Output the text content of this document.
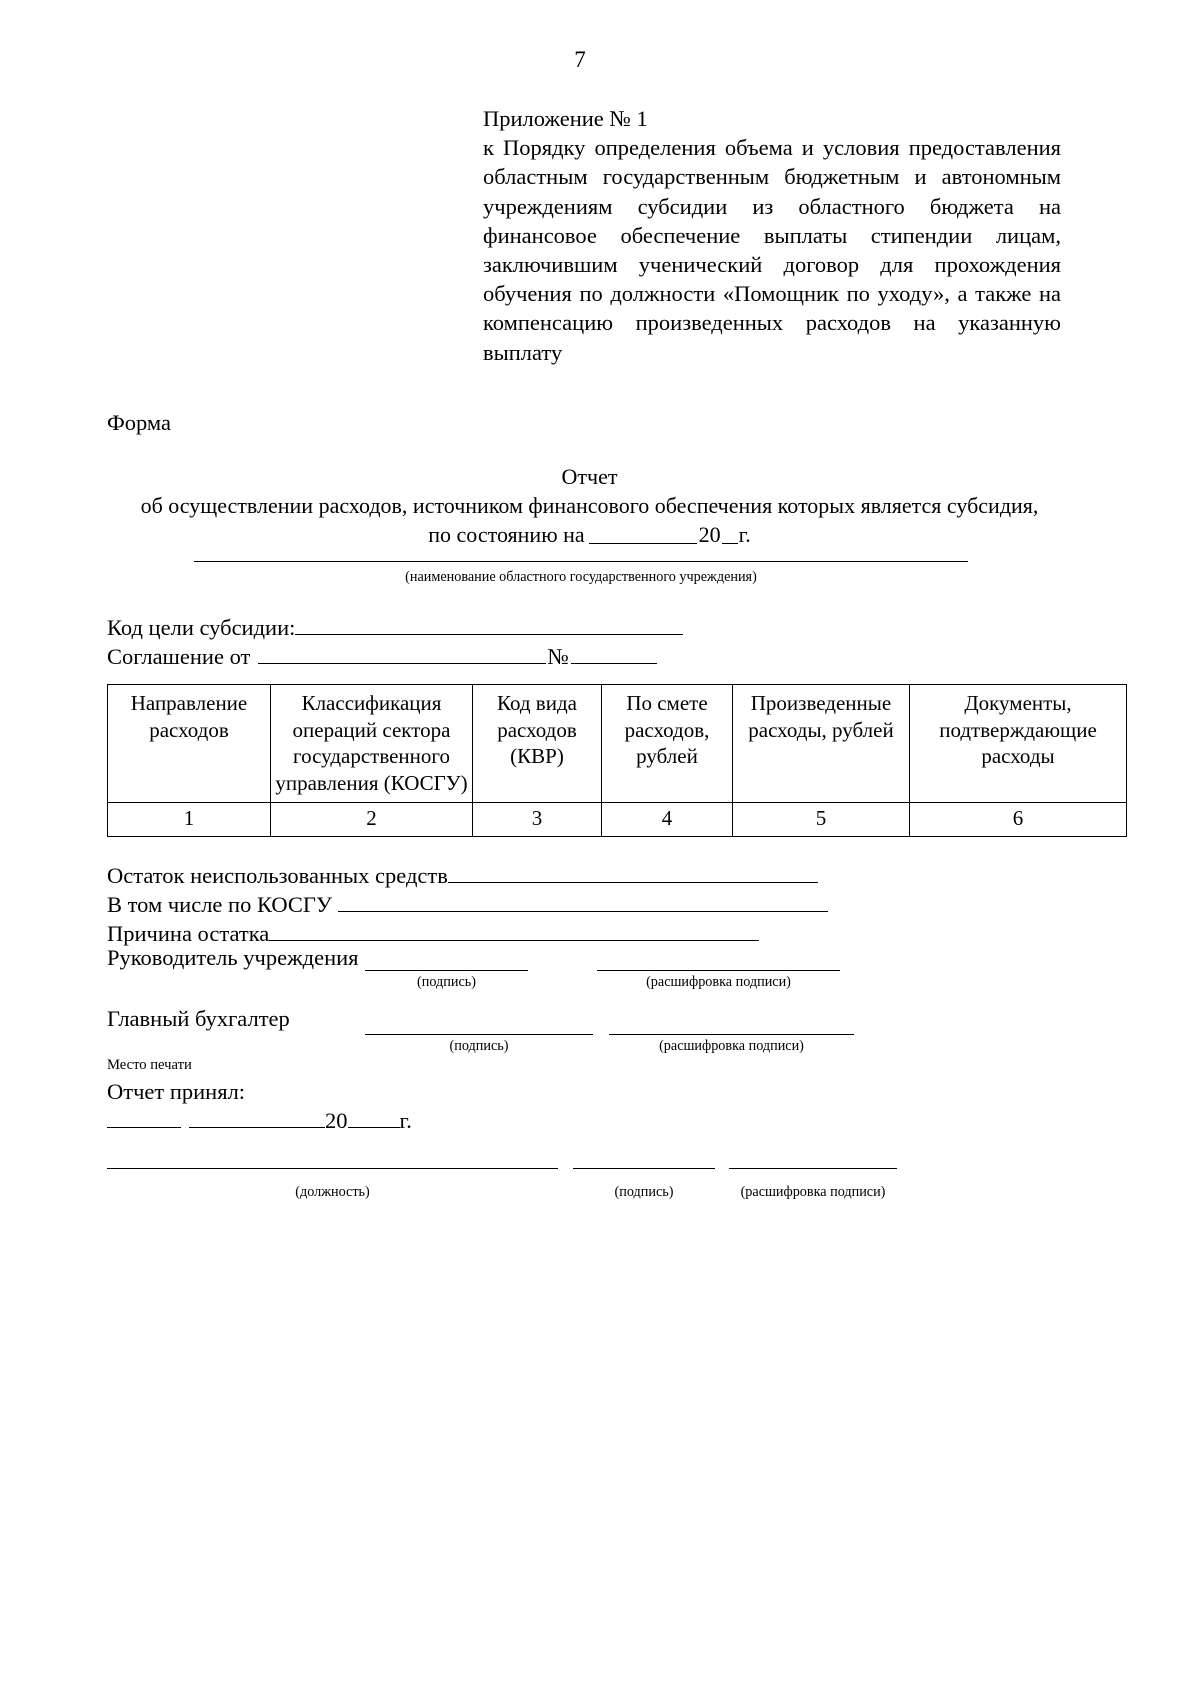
7
Приложение № 1
к Порядку определения объема и условия предоставления областным государственным бюджетным и автономным учреждениям субсидии из областного бюджета на финансовое обеспечение выплаты стипендии лицам, заключившим ученический договор для прохождения обучения по должности «Помощник по уходу», а также на компенсацию произведенных расходов на указанную выплату
Форма
Отчет
об осуществлении расходов, источником финансового обеспечения которых является субсидия,
по состоянию на	20 г.
(наименование областного государственного учреждения)
Код цели субсидии:
Соглашение от	№
Направление расходов	Классификация операций сектора государственного управления (КОСГУ)	Код вида расходов (КВР)	По смете расходов, рублей	Произведенные расходы, рублей	Документы, подтверждающие расходы
1	2	3	4	5	6
Остаток неиспользованных средств
В том числе по КОСГУ
Причина остатка
Руководитель учреждения
(подпись)	(расшифровка подписи)
Главный бухгалтер
(подпись)	(расшифровка подписи)
Место печати
Отчет принял:
20 г.
(должность)	(подпись)	(расшифровка подписи)
